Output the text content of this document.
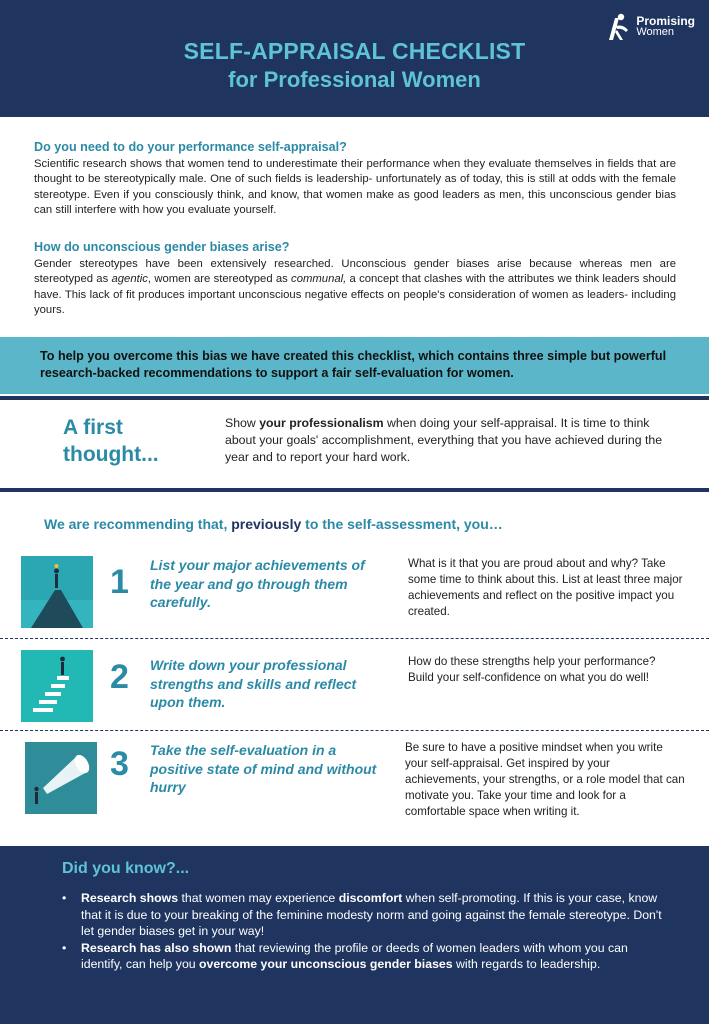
Promising
Women
SELF-APPRAISAL CHECKLIST
for Professional Women
Do you need to do your performance self-appraisal?
Scientific research shows that women tend to underestimate their performance when they evaluate themselves in fields that are thought to be stereotypically male. One of such fields is leadership- unfortunately as of today, this is still at odds with the female stereotype. Even if you consciously think, and know, that women make as good leaders as men, this unconscious gender bias can still interfere with how you evaluate yourself.
How do unconscious gender biases arise?
Gender stereotypes have been extensively researched. Unconscious gender biases arise because whereas men are stereotyped as agentic, women are stereotyped as communal, a concept that clashes with the attributes we think leaders should have. This lack of fit produces important unconscious negative effects on people's consideration of women as leaders- including yours.
To help you overcome this bias we have created this checklist, which contains three simple but powerful research-backed recommendations to support a fair self-evaluation for women.
A first
thought...
Show your professionalism when doing your self-appraisal. It is time to think about your goals' accomplishment, everything that you have achieved during the year and to report your hard work.
We are recommending that, previously to the self-assessment, you…
1 List your major achievements of the year and go through them carefully.
What is it that you are proud about and why? Take some time to think about this. List at least three major achievements and reflect on the positive impact you created.
2 Write down your professional strengths and skills and reflect upon them.
How do these strengths help your performance? Build your self-confidence on what you do well!
3 Take the self-evaluation in a positive state of mind and without hurry
Be sure to have a positive mindset when you write your self-appraisal. Get inspired by your achievements, your strengths, or a role model that can motivate you. Take your time and look for a comfortable space when writing it.
Did you know?...
• Research shows that women may experience discomfort when self-promoting. If this is your case, know that it is due to your breaking of the feminine modesty norm and going against the female stereotype. Don't let gender biases get in your way!
• Research has also shown that reviewing the profile or deeds of women leaders with whom you can identify, can help you overcome your unconscious gender biases with regards to leadership.
